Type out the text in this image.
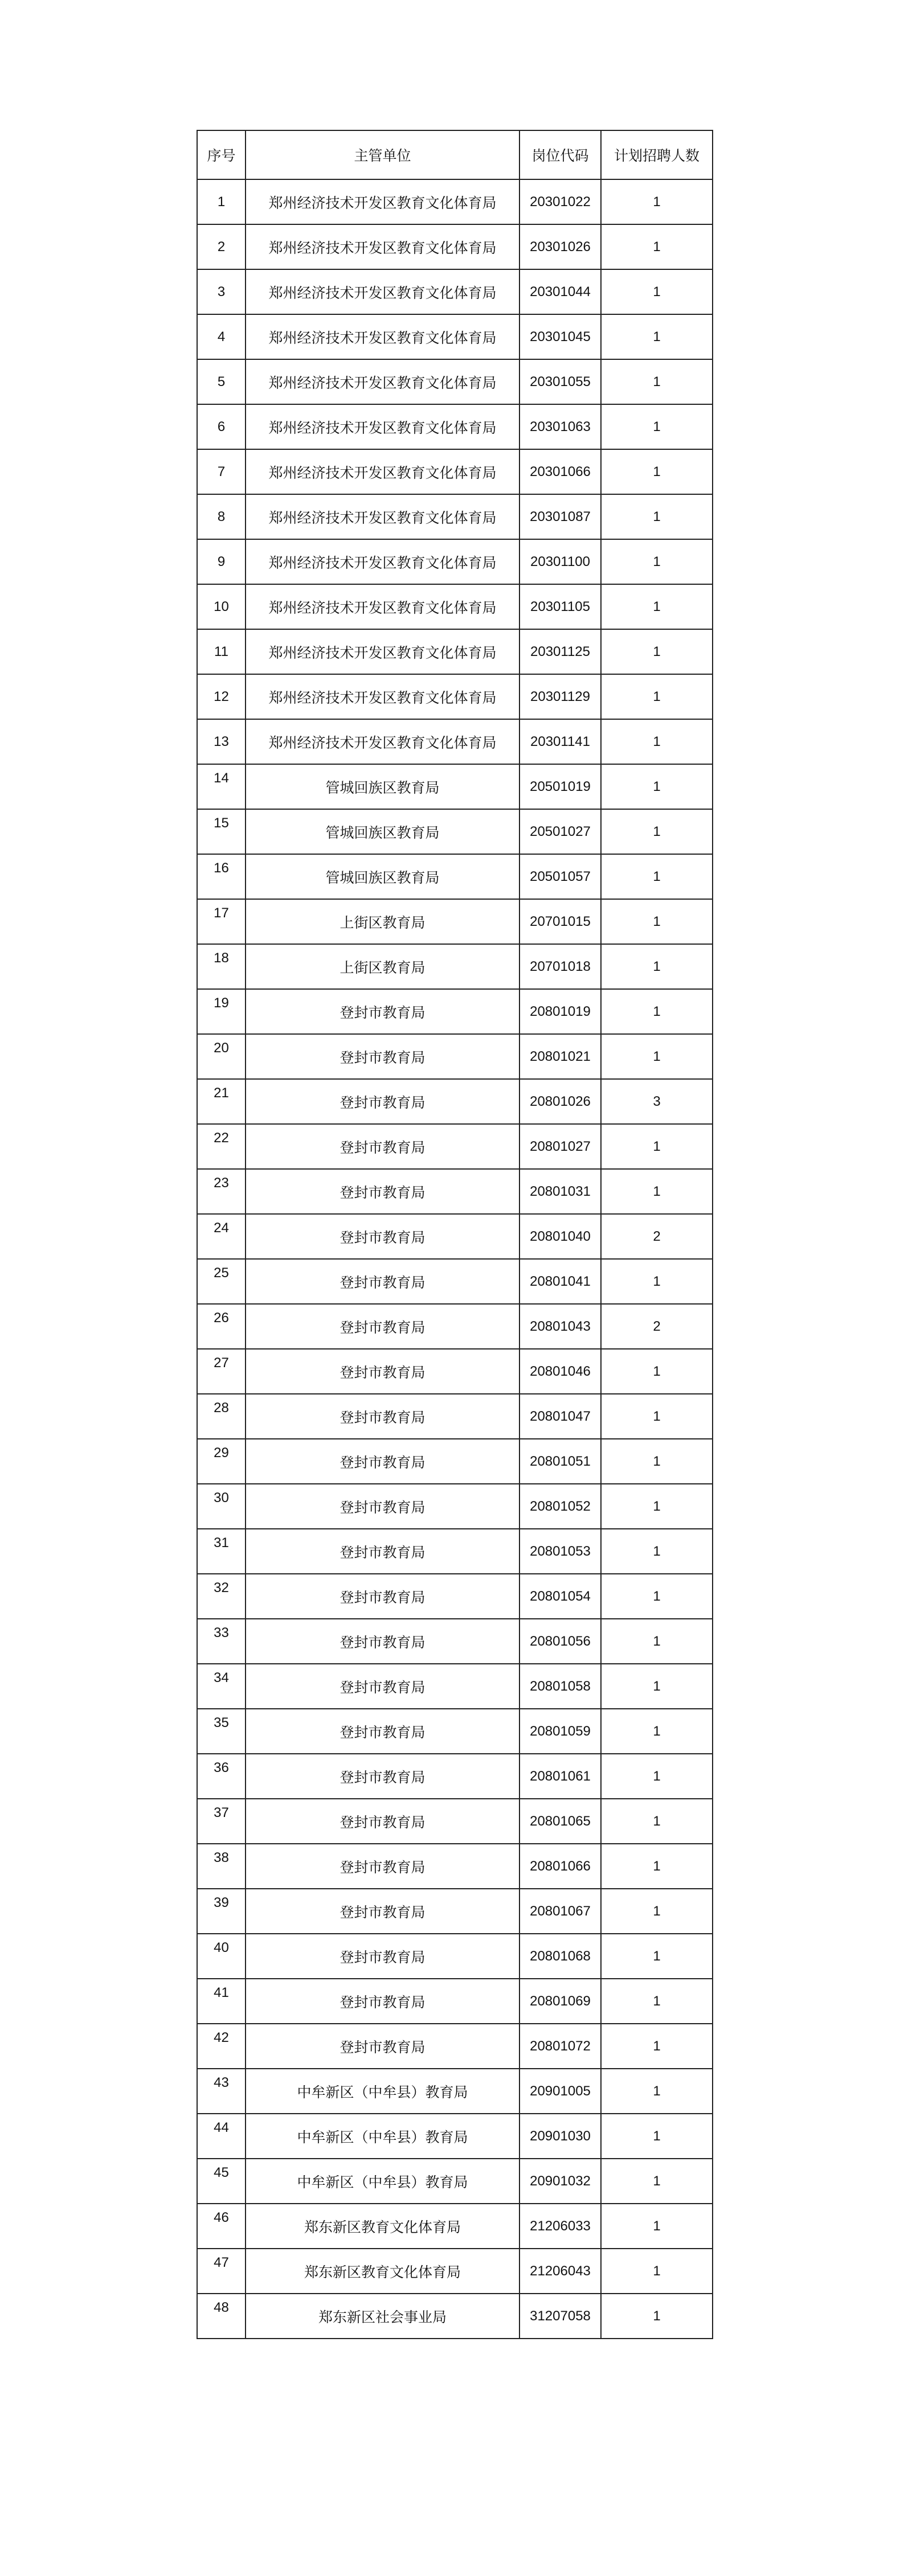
序号	主管单位	岗位代码	计划招聘人数
1	郑州经济技术开发区教育文化体育局	20301022	1
2	郑州经济技术开发区教育文化体育局	20301026	1
3	郑州经济技术开发区教育文化体育局	20301044	1
4	郑州经济技术开发区教育文化体育局	20301045	1
5	郑州经济技术开发区教育文化体育局	20301055	1
6	郑州经济技术开发区教育文化体育局	20301063	1
7	郑州经济技术开发区教育文化体育局	20301066	1
8	郑州经济技术开发区教育文化体育局	20301087	1
9	郑州经济技术开发区教育文化体育局	20301100	1
10	郑州经济技术开发区教育文化体育局	20301105	1
11	郑州经济技术开发区教育文化体育局	20301125	1
12	郑州经济技术开发区教育文化体育局	20301129	1
13	郑州经济技术开发区教育文化体育局	20301141	1
14	管城回族区教育局	20501019	1
15	管城回族区教育局	20501027	1
16	管城回族区教育局	20501057	1
17	上街区教育局	20701015	1
18	上街区教育局	20701018	1
19	登封市教育局	20801019	1
20	登封市教育局	20801021	1
21	登封市教育局	20801026	3
22	登封市教育局	20801027	1
23	登封市教育局	20801031	1
24	登封市教育局	20801040	2
25	登封市教育局	20801041	1
26	登封市教育局	20801043	2
27	登封市教育局	20801046	1
28	登封市教育局	20801047	1
29	登封市教育局	20801051	1
30	登封市教育局	20801052	1
31	登封市教育局	20801053	1
32	登封市教育局	20801054	1
33	登封市教育局	20801056	1
34	登封市教育局	20801058	1
35	登封市教育局	20801059	1
36	登封市教育局	20801061	1
37	登封市教育局	20801065	1
38	登封市教育局	20801066	1
39	登封市教育局	20801067	1
40	登封市教育局	20801068	1
41	登封市教育局	20801069	1
42	登封市教育局	20801072	1
43	中牟新区（中牟县）教育局	20901005	1
44	中牟新区（中牟县）教育局	20901030	1
45	中牟新区（中牟县）教育局	20901032	1
46	郑东新区教育文化体育局	21206033	1
47	郑东新区教育文化体育局	21206043	1
48	郑东新区社会事业局	31207058	1
